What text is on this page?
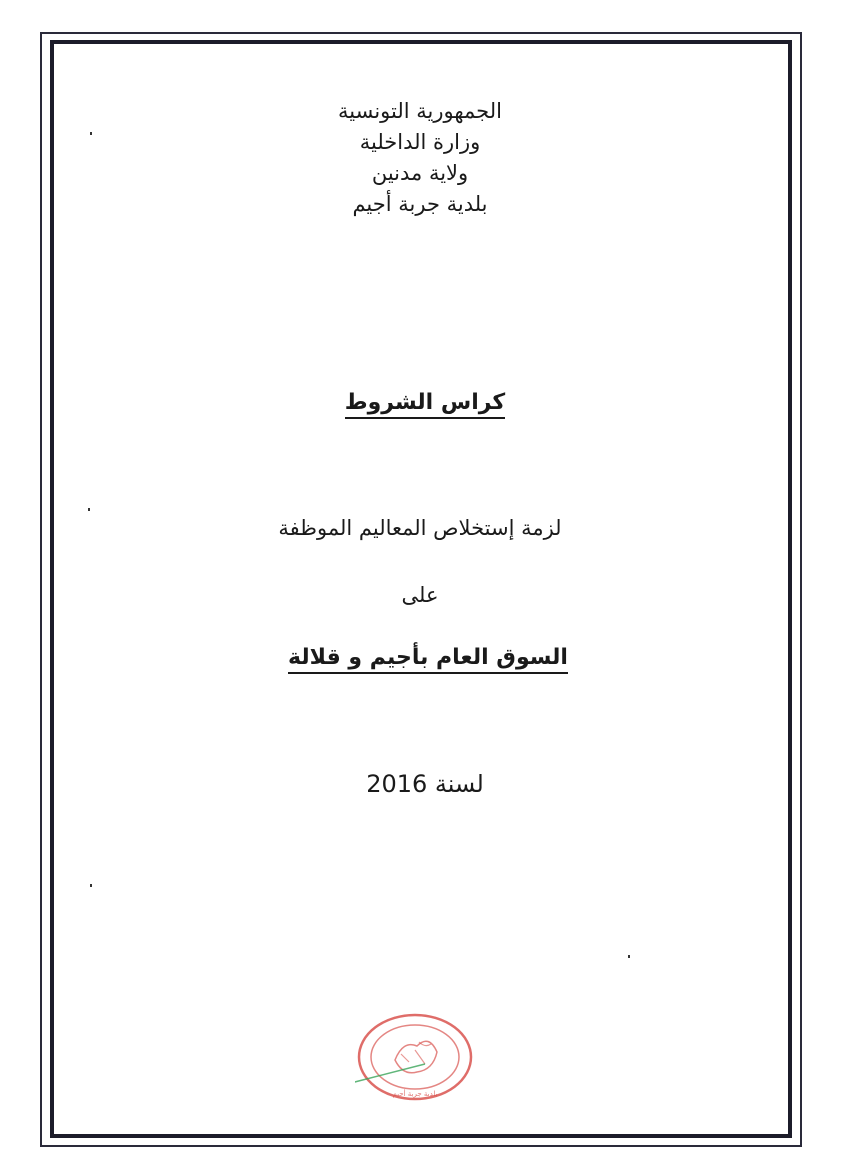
الجمهورية التونسية
وزارة الداخلية
ولاية مدنين
بلدية جربة أجيم
كراس الشروط
لزمة إستخلاص المعاليم الموظفة
على
السوق العام بأجيم و قلالة
لسنة 2016
بلدية جربة أجيم
